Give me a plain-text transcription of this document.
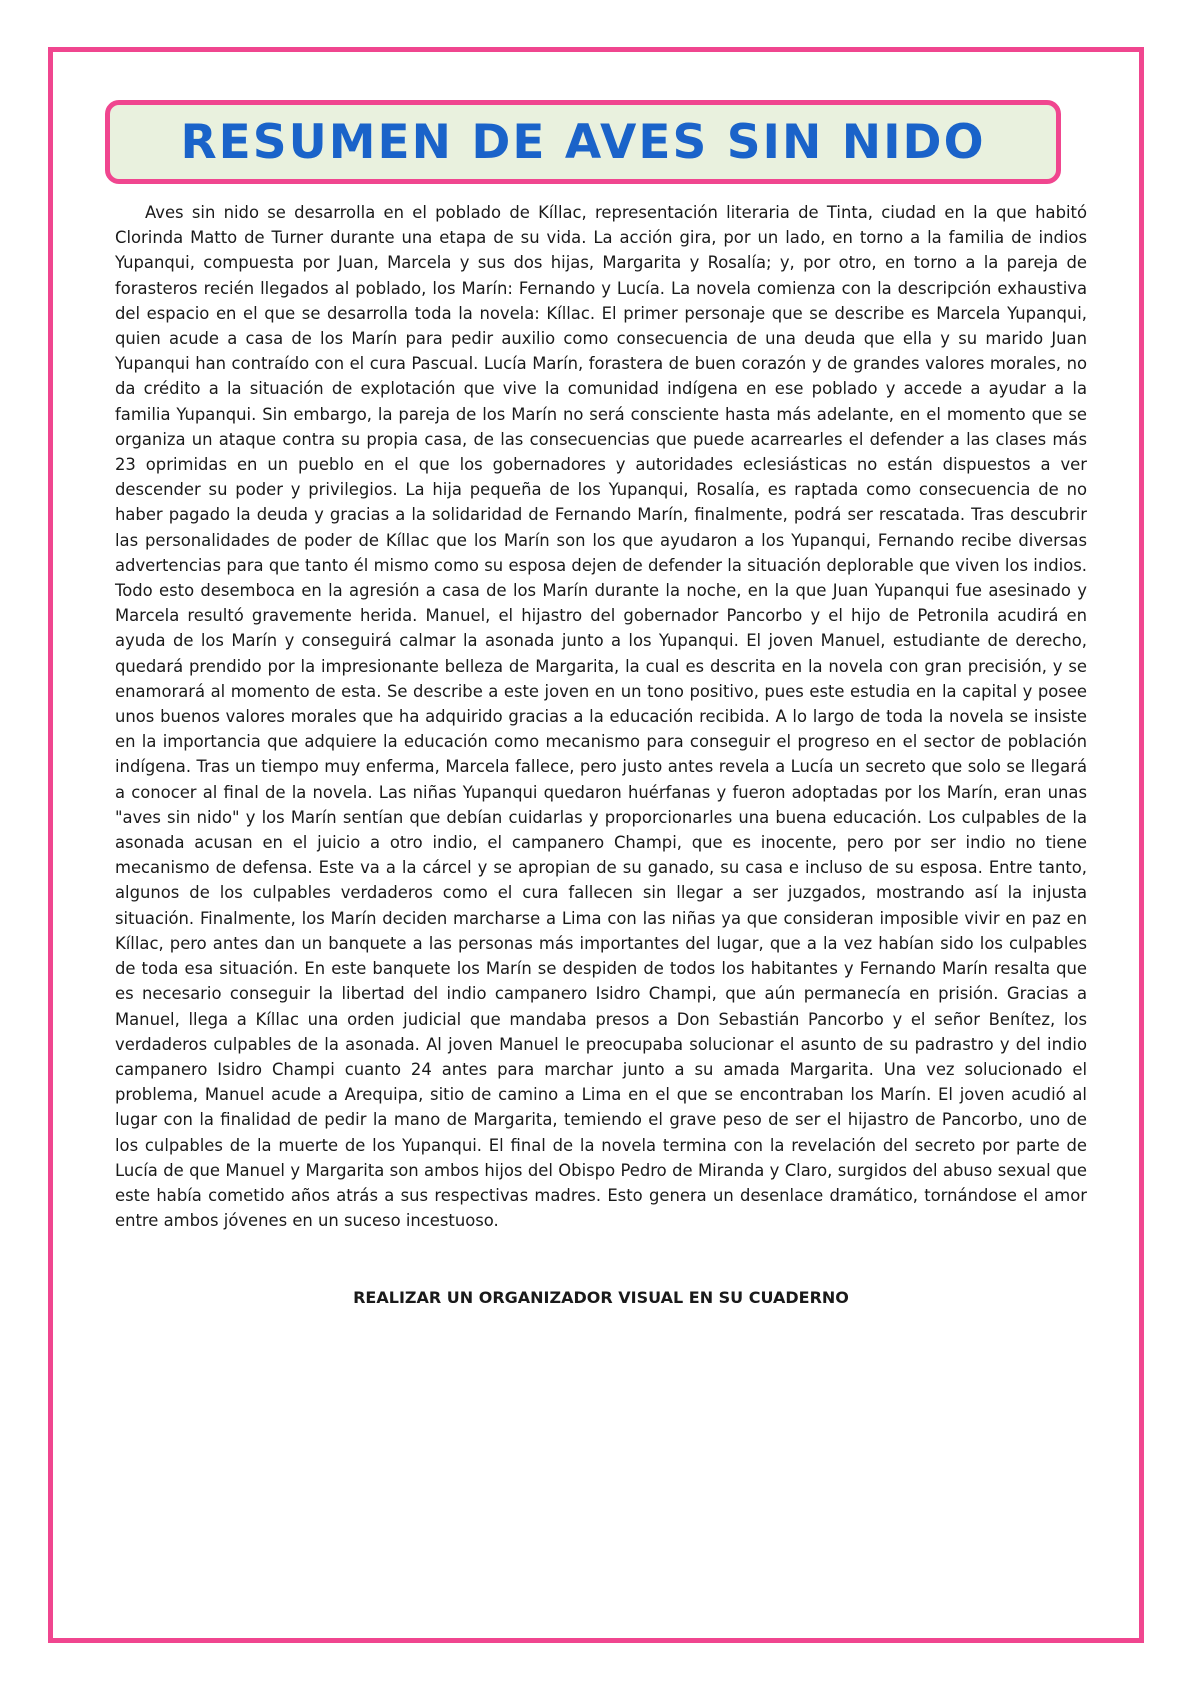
RESUMEN DE AVES SIN NIDO

Aves sin nido se desarrolla en el poblado de Kíllac, representación literaria de Tinta, ciudad en la que habitó Clorinda Matto de Turner durante una etapa de su vida. La acción gira, por un lado, en torno a la familia de indios Yupanqui, compuesta por Juan, Marcela y sus dos hijas, Margarita y Rosalía; y, por otro, en torno a la pareja de forasteros recién llegados al poblado, los Marín: Fernando y Lucía. La novela comienza con la descripción exhaustiva del espacio en el que se desarrolla toda la novela: Kíllac. El primer personaje que se describe es Marcela Yupanqui, quien acude a casa de los Marín para pedir auxilio como consecuencia de una deuda que ella y su marido Juan Yupanqui han contraído con el cura Pascual. Lucía Marín, forastera de buen corazón y de grandes valores morales, no da crédito a la situación de explotación que vive la comunidad indígena en ese poblado y accede a ayudar a la familia Yupanqui. Sin embargo, la pareja de los Marín no será consciente hasta más adelante, en el momento que se organiza un ataque contra su propia casa, de las consecuencias que puede acarrearles el defender a las clases más 23 oprimidas en un pueblo en el que los gobernadores y autoridades eclesiásticas no están dispuestos a ver descender su poder y privilegios. La hija pequeña de los Yupanqui, Rosalía, es raptada como consecuencia de no haber pagado la deuda y gracias a la solidaridad de Fernando Marín, finalmente, podrá ser rescatada. Tras descubrir las personalidades de poder de Kíllac que los Marín son los que ayudaron a los Yupanqui, Fernando recibe diversas advertencias para que tanto él mismo como su esposa dejen de defender la situación deplorable que viven los indios. Todo esto desemboca en la agresión a casa de los Marín durante la noche, en la que Juan Yupanqui fue asesinado y Marcela resultó gravemente herida. Manuel, el hijastro del gobernador Pancorbo y el hijo de Petronila acudirá en ayuda de los Marín y conseguirá calmar la asonada junto a los Yupanqui. El joven Manuel, estudiante de derecho, quedará prendido por la impresionante belleza de Margarita, la cual es descrita en la novela con gran precisión, y se enamorará al momento de esta. Se describe a este joven en un tono positivo, pues este estudia en la capital y posee unos buenos valores morales que ha adquirido gracias a la educación recibida. A lo largo de toda la novela se insiste en la importancia que adquiere la educación como mecanismo para conseguir el progreso en el sector de población indígena. Tras un tiempo muy enferma, Marcela fallece, pero justo antes revela a Lucía un secreto que solo se llegará a conocer al final de la novela. Las niñas Yupanqui quedaron huérfanas y fueron adoptadas por los Marín, eran unas "aves sin nido" y los Marín sentían que debían cuidarlas y proporcionarles una buena educación. Los culpables de la asonada acusan en el juicio a otro indio, el campanero Champi, que es inocente, pero por ser indio no tiene mecanismo de defensa. Este va a la cárcel y se apropian de su ganado, su casa e incluso de su esposa. Entre tanto, algunos de los culpables verdaderos como el cura fallecen sin llegar a ser juzgados, mostrando así la injusta situación. Finalmente, los Marín deciden marcharse a Lima con las niñas ya que consideran imposible vivir en paz en Kíllac, pero antes dan un banquete a las personas más importantes del lugar, que a la vez habían sido los culpables de toda esa situación. En este banquete los Marín se despiden de todos los habitantes y Fernando Marín resalta que es necesario conseguir la libertad del indio campanero Isidro Champi, que aún permanecía en prisión. Gracias a Manuel, llega a Kíllac una orden judicial que mandaba presos a Don Sebastián Pancorbo y el señor Benítez, los verdaderos culpables de la asonada. Al joven Manuel le preocupaba solucionar el asunto de su padrastro y del indio campanero Isidro Champi cuanto 24 antes para marchar junto a su amada Margarita. Una vez solucionado el problema, Manuel acude a Arequipa, sitio de camino a Lima en el que se encontraban los Marín. El joven acudió al lugar con la finalidad de pedir la mano de Margarita, temiendo el grave peso de ser el hijastro de Pancorbo, uno de los culpables de la muerte de los Yupanqui. El final de la novela termina con la revelación del secreto por parte de Lucía de que Manuel y Margarita son ambos hijos del Obispo Pedro de Miranda y Claro, surgidos del abuso sexual que este había cometido años atrás a sus respectivas madres. Esto genera un desenlace dramático, tornándose el amor entre ambos jóvenes en un suceso incestuoso.

REALIZAR UN ORGANIZADOR VISUAL EN SU CUADERNO
